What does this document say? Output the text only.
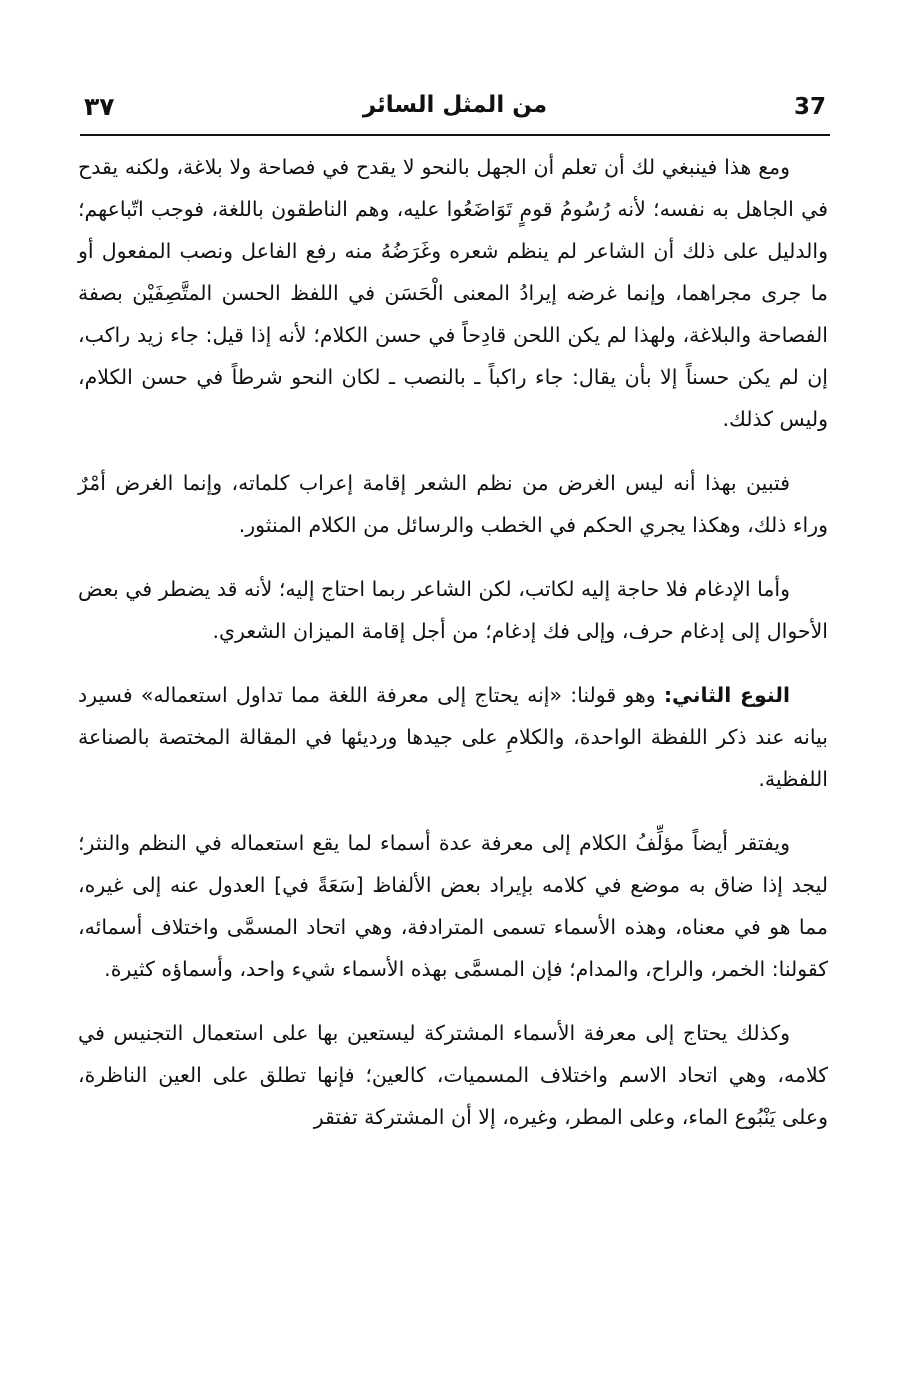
37
من المثل السائر
٣٧

ومع هذا فينبغي لك أن تعلم أن الجهل بالنحو لا يقدح في فصاحة ولا بلاغة، ولكنه يقدح في الجاهل به نفسه؛ لأنه رُسُومُ قومٍ تَوَاضَعُوا عليه، وهم الناطقون باللغة، فوجب اتّباعهم؛ والدليل على ذلك أن الشاعر لم ينظم شعره وغَرَضُهُ منه رفع الفاعل ونصب المفعول أو ما جرى مجراهما، وإنما غرضه إيرادُ المعنى الْحَسَن في اللفظ الحسن المتَّصِفَيْن بصفة الفصاحة والبلاغة، ولهذا لم يكن اللحن قادِحاً في حسن الكلام؛ لأنه إذا قيل: جاء زيد راكب، إن لم يكن حسناً إلا بأن يقال: جاء راكباً ـ بالنصب ـ لكان النحو شرطاً في حسن الكلام، وليس كذلك.

فتبين بهذا أنه ليس الغرض من نظم الشعر إقامة إعراب كلماته، وإنما الغرض أمْرٌ وراء ذلك، وهكذا يجري الحكم في الخطب والرسائل من الكلام المنثور.

وأما الإدغام فلا حاجة إليه لكاتب، لكن الشاعر ربما احتاج إليه؛ لأنه قد يضطر في بعض الأحوال إلى إدغام حرف، وإلى فك إدغام؛ من أجل إقامة الميزان الشعري.

النوع الثاني: وهو قولنا: «إنه يحتاج إلى معرفة اللغة مما تداول استعماله» فسيرد بيانه عند ذكر اللفظة الواحدة، والكلامِ على جيدها ورديئها في المقالة المختصة بالصناعة اللفظية.

ويفتقر أيضاً مؤلِّفُ الكلام إلى معرفة عدة أسماء لما يقع استعماله في النظم والنثر؛ ليجد إذا ضاق به موضع في كلامه بإيراد بعض الألفاظ [سَعَةً في] العدول عنه إلى غيره، مما هو في معناه، وهذه الأسماء تسمى المترادفة، وهي اتحاد المسمَّى واختلاف أسمائه، كقولنا: الخمر، والراح، والمدام؛ فإن المسمَّى بهذه الأسماء شيء واحد، وأسماؤه كثيرة.

وكذلك يحتاج إلى معرفة الأسماء المشتركة ليستعين بها على استعمال التجنيس في كلامه، وهي اتحاد الاسم واختلاف المسميات، كالعين؛ فإنها تطلق على العين الناظرة، وعلى يَنْبُوع الماء، وعلى المطر، وغيره، إلا أن المشتركة تفتقر
